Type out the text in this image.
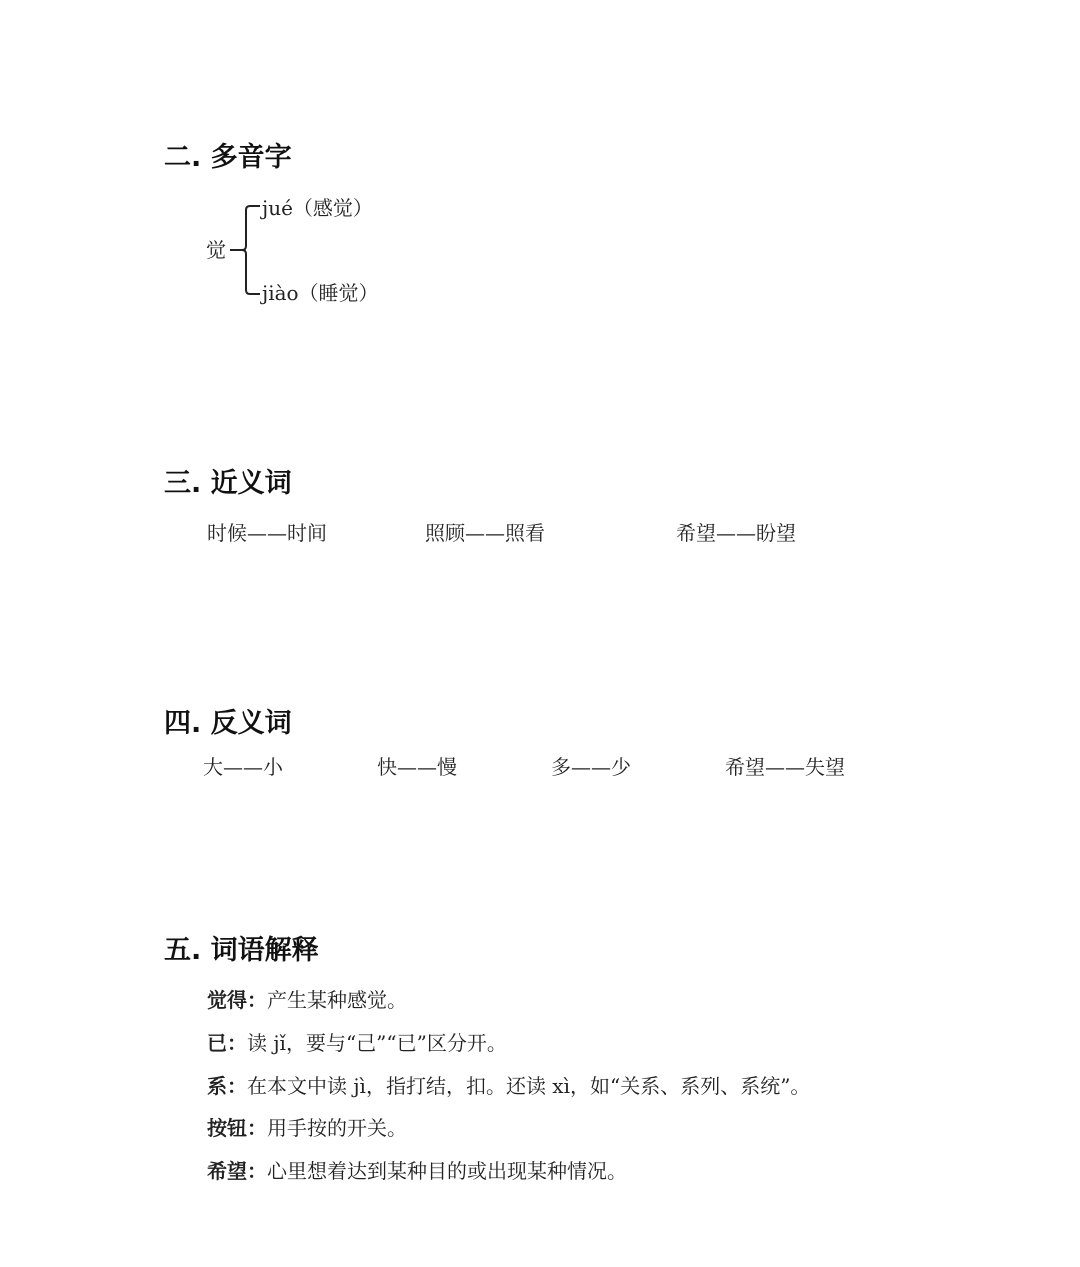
二. 多音字
觉
jué（感觉）
jiào（睡觉）
三. 近义词
时候——时间	照顾——照看	希望——盼望
四. 反义词
大——小	快——慢	多——少	希望——失望
五. 词语解释
觉得：产生某种感觉。
已：读 jǐ，要与“己”“已”区分开。
系：在本文中读 jì，指打结，扣。还读 xì，如“关系、系列、系统”。
按钮：用手按的开关。
希望：心里想着达到某种目的或出现某种情况。
